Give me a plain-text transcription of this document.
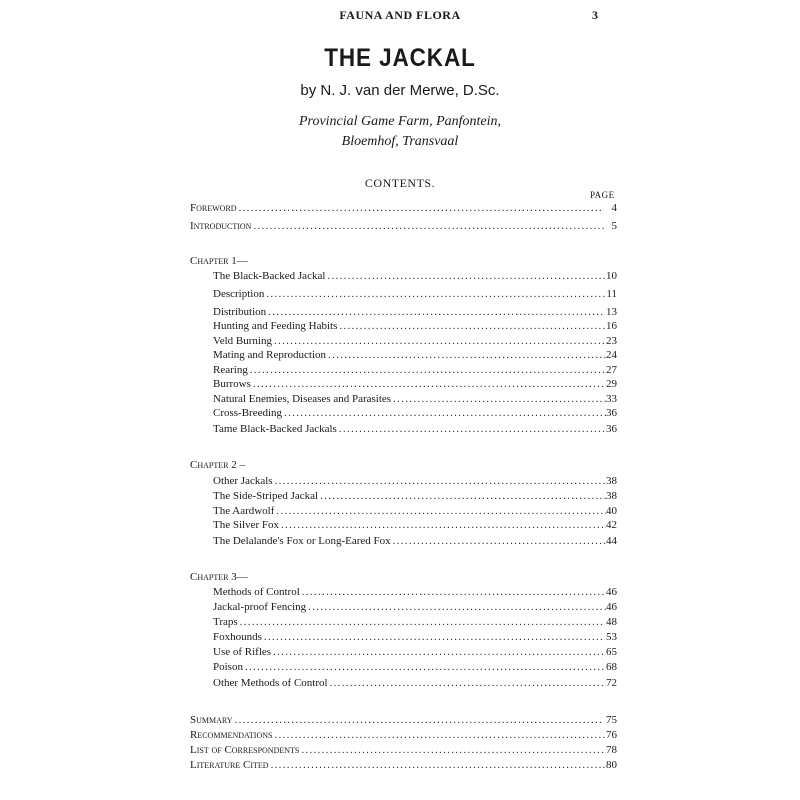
FAUNA AND FLORA	3
THE JACKAL
by N. J. van der Merwe, D.Sc.
Provincial Game Farm, Panfontein,
Bloemhof, Transvaal
CONTENTS.
PAGE
Foreword .....	4
Introduction .....	5
Chapter 1—
The Black-Backed Jackal .....	10
Description .....	11
Distribution .....	13
Hunting and Feeding Habits .....	16
Veld Burning .....	23
Mating and Reproduction .....	24
Rearing .....	27
Burrows .....	29
Natural Enemies, Diseases and Parasites .....	33
Cross-Breeding .....	36
Tame Black-Backed Jackals .....	36
Chapter 2 –
Other Jackals .....	38
The Side-Striped Jackal .....	38
The Aardwolf .....	40
The Silver Fox .....	42
The Delalande's Fox or Long-Eared Fox .....	44
Chapter 3—
Methods of Control .....	46
Jackal-proof Fencing .....	46
Traps .....	48
Foxhounds .....	53
Use of Rifles .....	65
Poison .....	68
Other Methods of Control .....	72
Summary .....	75
Recommendations .....	76
List of Correspondents .....	78
Literature Cited .....	80
